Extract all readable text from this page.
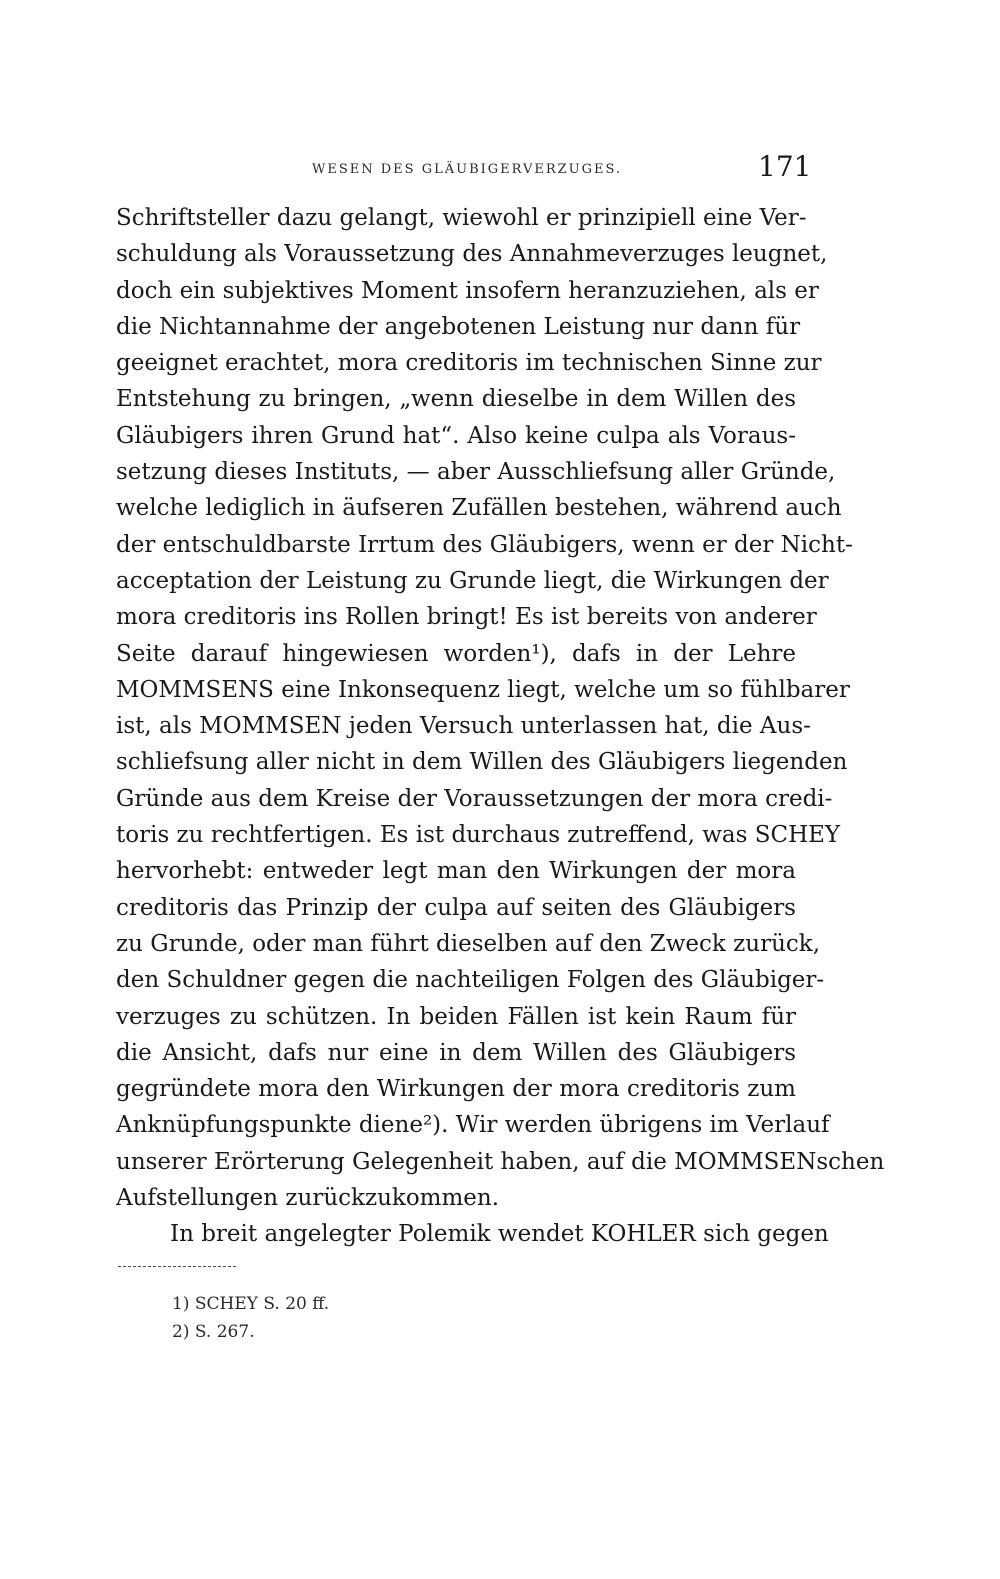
WESEN DES GLÄUBIGERVERZUGES.	171
Schriftsteller dazu gelangt, wiewohl er prinzipiell eine Ver-
schuldung als Voraussetzung des Annahmeverzuges leugnet,
doch ein subjektives Moment insofern heranzuziehen, als er
die Nichtannahme der angebotenen Leistung nur dann für
geeignet erachtet, mora creditoris im technischen Sinne zur
Entstehung zu bringen, „wenn dieselbe in dem Willen des
Gläubigers ihren Grund hat“. Also keine culpa als Voraus-
setzung dieses Instituts, — aber Ausschliefsung aller Gründe,
welche lediglich in äufseren Zufällen bestehen, während auch
der entschuldbarste Irrtum des Gläubigers, wenn er der Nicht-
acceptation der Leistung zu Grunde liegt, die Wirkungen der
mora creditoris ins Rollen bringt! Es ist bereits von anderer
Seite darauf hingewiesen worden¹), dafs in der Lehre
MOMMSENS eine Inkonsequenz liegt, welche um so fühlbarer
ist, als MOMMSEN jeden Versuch unterlassen hat, die Aus-
schliefsung aller nicht in dem Willen des Gläubigers liegenden
Gründe aus dem Kreise der Voraussetzungen der mora credi-
toris zu rechtfertigen. Es ist durchaus zutreffend, was SCHEY
hervorhebt: entweder legt man den Wirkungen der mora
creditoris das Prinzip der culpa auf seiten des Gläubigers
zu Grunde, oder man führt dieselben auf den Zweck zurück,
den Schuldner gegen die nachteiligen Folgen des Gläubiger-
verzuges zu schützen. In beiden Fällen ist kein Raum für
die Ansicht, dafs nur eine in dem Willen des Gläubigers
gegründete mora den Wirkungen der mora creditoris zum
Anknüpfungspunkte diene²). Wir werden übrigens im Verlauf
unserer Erörterung Gelegenheit haben, auf die MOMMSENschen
Aufstellungen zurückzukommen.
In breit angelegter Polemik wendet KOHLER sich gegen
1) SCHEY S. 20 ff.
2) S. 267.
